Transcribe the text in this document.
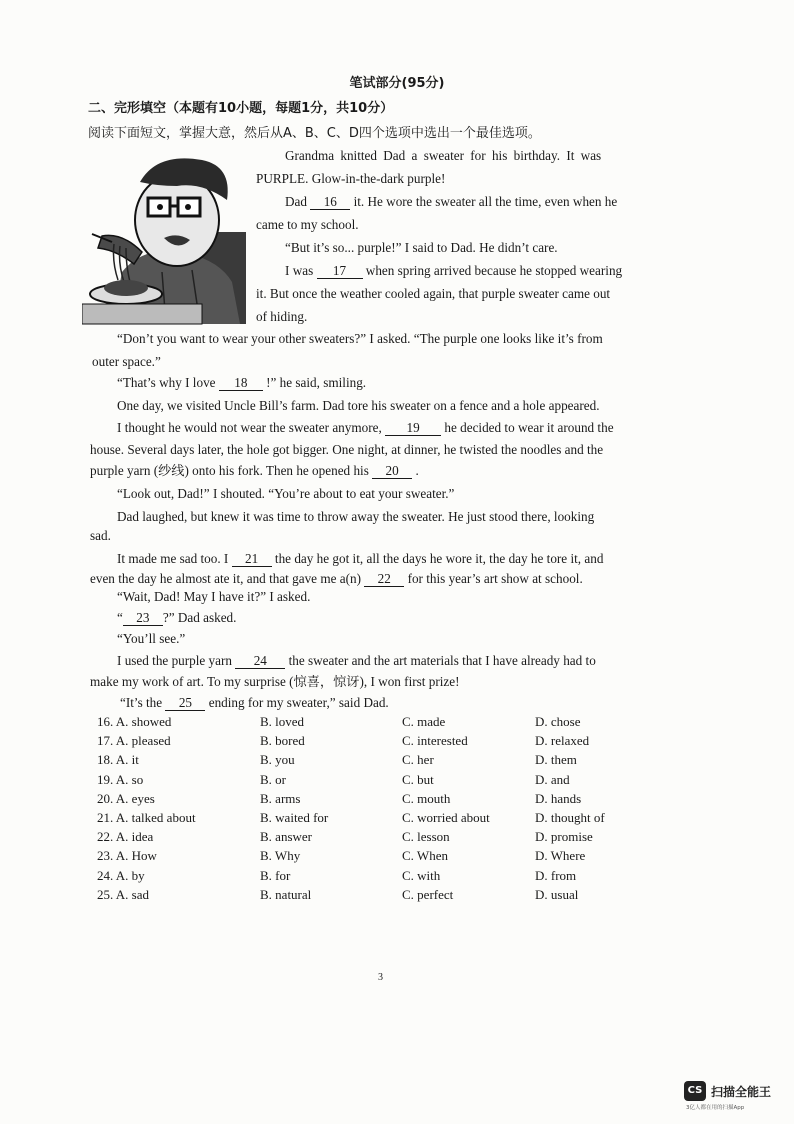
笔试部分(95分)
二、完形填空（本题有10小题，每题1分，共10分）
阅读下面短文，掌握大意，然后从A、B、C、D四个选项中选出一个最佳选项。
Grandma knitted Dad a sweater for his birthday. It was
PURPLE. Glow-in-the-dark purple!
Dad 16 it. He wore the sweater all the time, even when he
came to my school.
“But it’s so... purple!” I said to Dad. He didn’t care.
I was 17 when spring arrived because he stopped wearing
it. But once the weather cooled again, that purple sweater came out
of hiding.
“Don’t you want to wear your other sweaters?” I asked. “The purple one looks like it’s from
outer space.”
“That’s why I love 18 !” he said, smiling.
One day, we visited Uncle Bill’s farm. Dad tore his sweater on a fence and a hole appeared.
I thought he would not wear the sweater anymore, 19 he decided to wear it around the
house. Several days later, the hole got bigger. One night, at dinner, he twisted the noodles and the
purple yarn (纱线) onto his fork. Then he opened his 20 .
“Look out, Dad!” I shouted. “You’re about to eat your sweater.”
Dad laughed, but knew it was time to throw away the sweater. He just stood there, looking
sad.
It made me sad too. I 21 the day he got it, all the days he wore it, the day he tore it, and
even the day he almost ate it, and that gave me a(n) 22 for this year’s art show at school.
“Wait, Dad! May I have it?” I asked.
“ 23 ?” Dad asked.
“You’ll see.”
I used the purple yarn 24 the sweater and the art materials that I have already had to
make my work of art. To my surprise (惊喜，惊讶), I won first prize!
“It’s the 25 ending for my sweater,” said Dad.
16. A. showed	B. loved	C. made	D. chose
17. A. pleased	B. bored	C. interested	D. relaxed
18. A. it	B. you	C. her	D. them
19. A. so	B. or	C. but	D. and
20. A. eyes	B. arms	C. mouth	D. hands
21. A. talked about	B. waited for	C. worried about	D. thought of
22. A. idea	B. answer	C. lesson	D. promise
23. A. How	B. Why	C. When	D. Where
24. A. by	B. for	C. with	D. from
25. A. sad	B. natural	C. perfect	D. usual
3
CS 扫描全能王
3亿人都在用的扫描App
